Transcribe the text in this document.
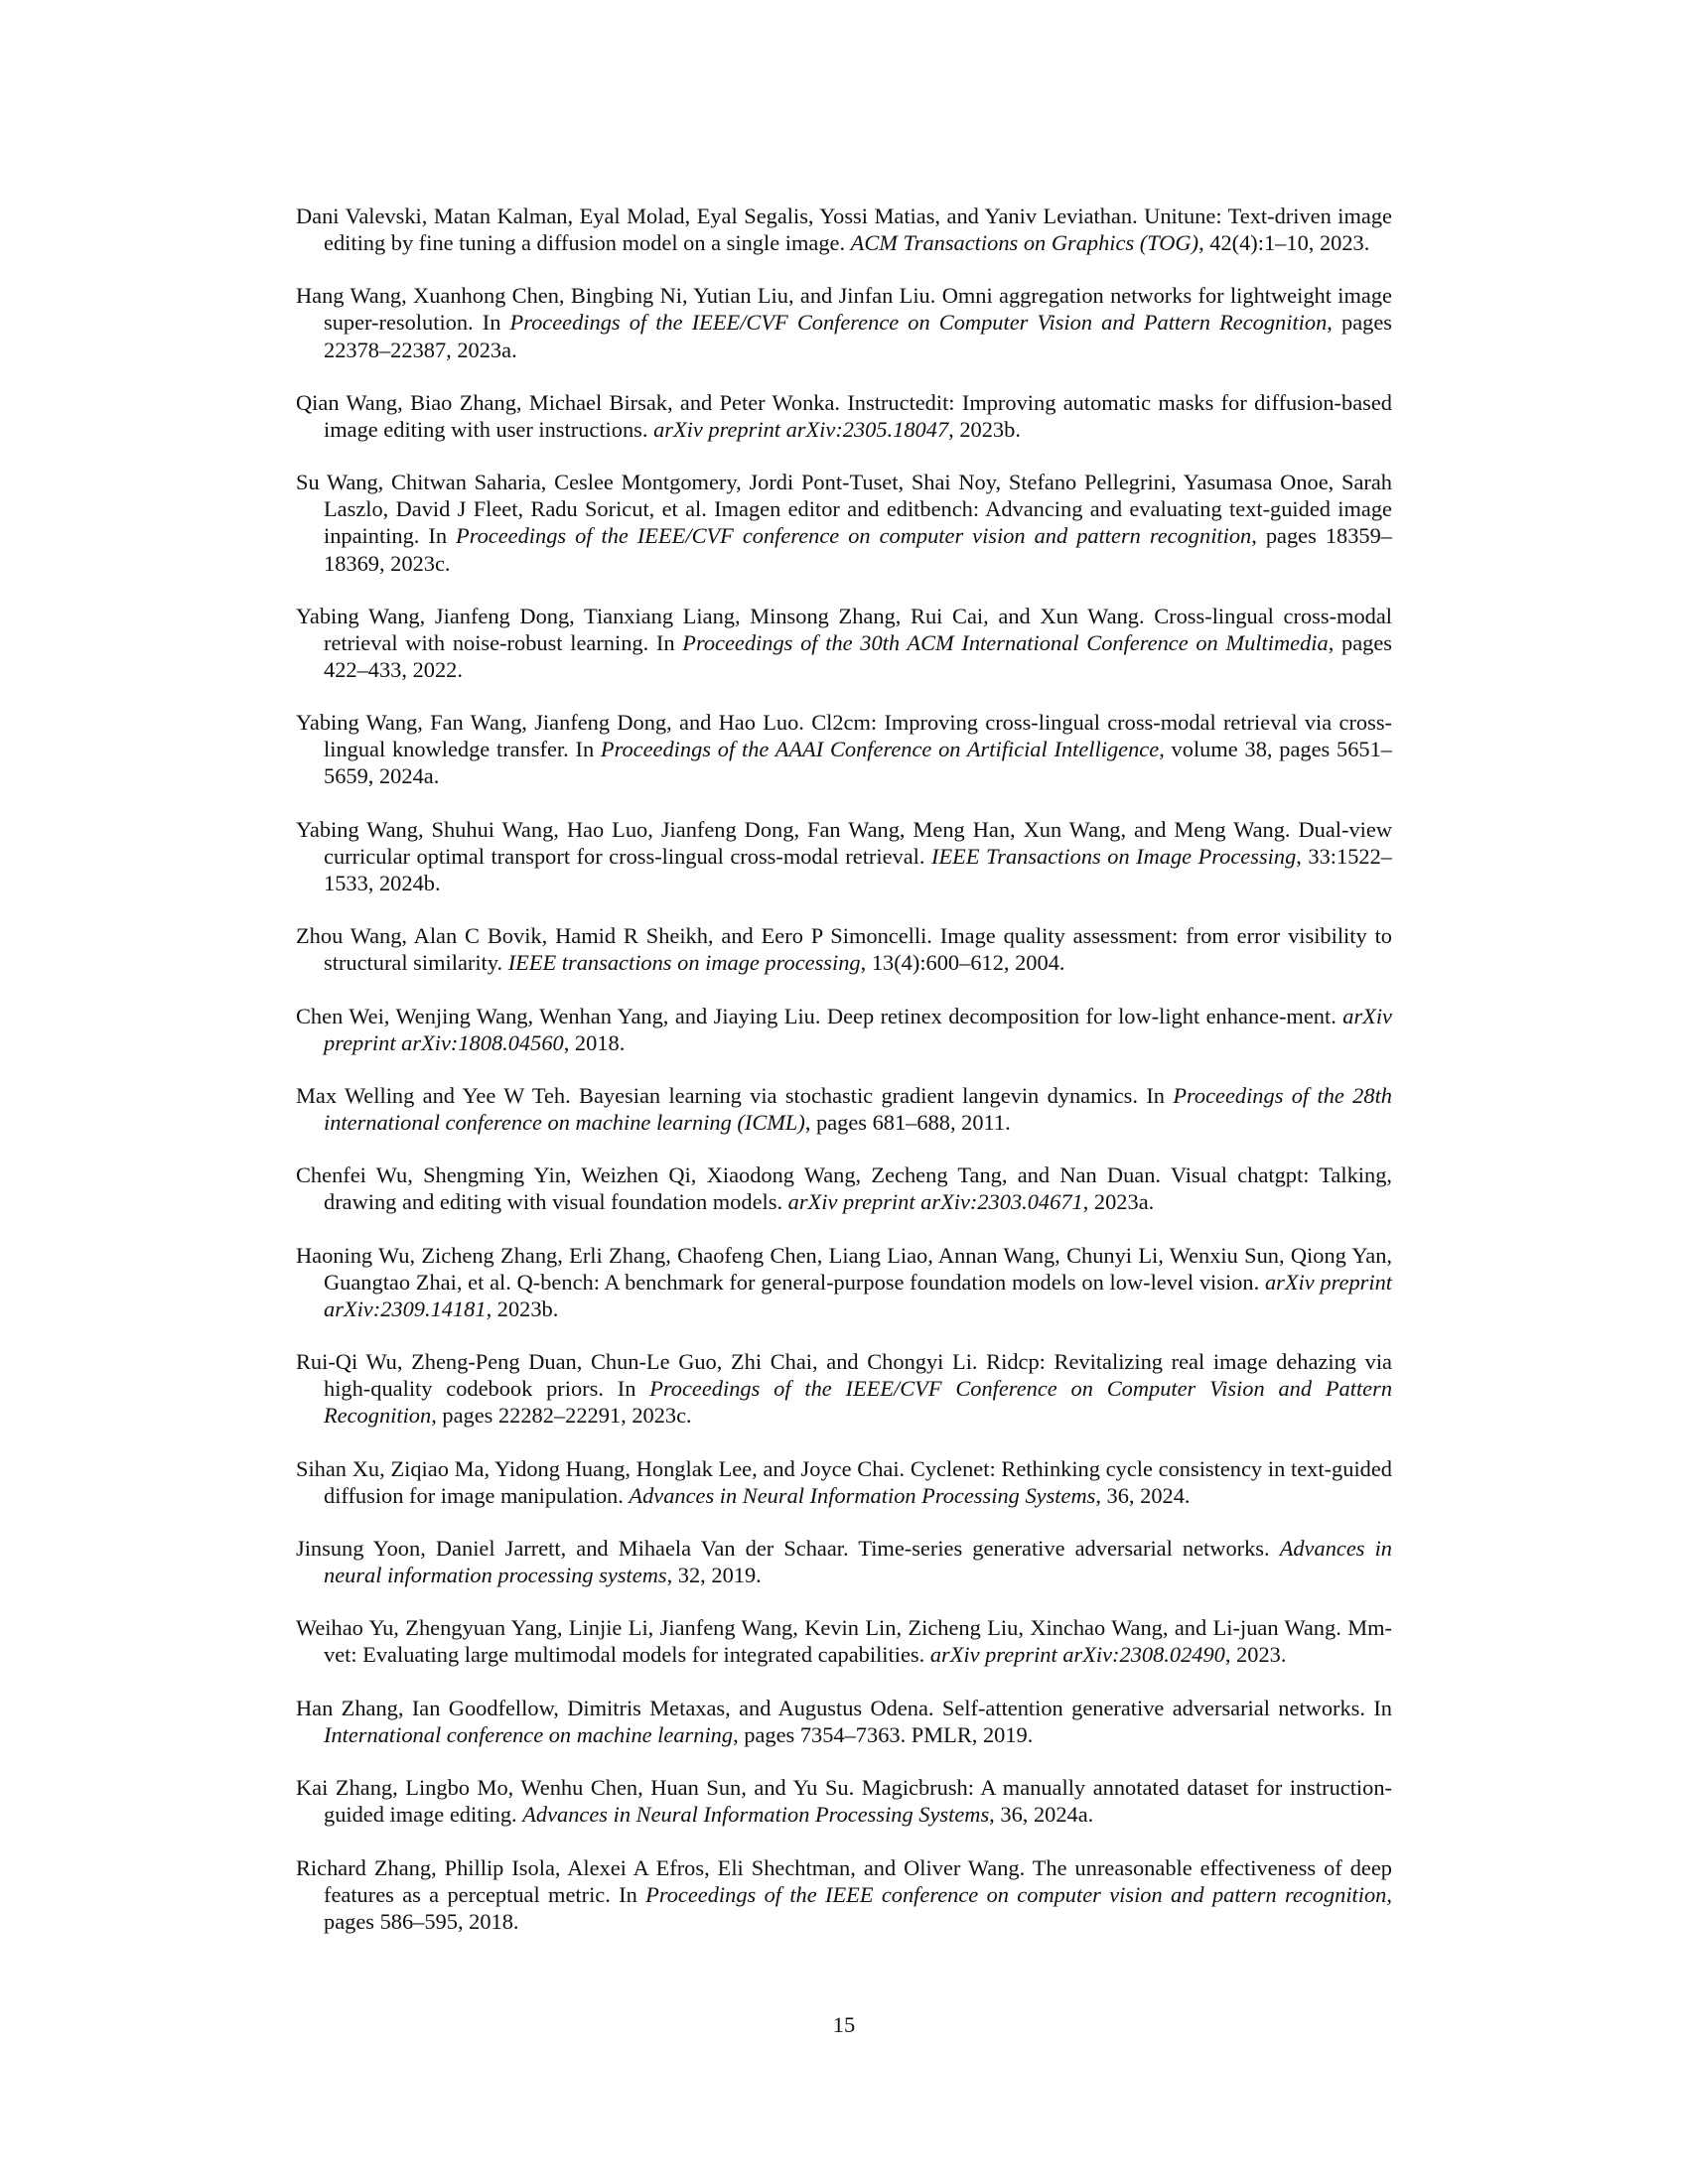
Dani Valevski, Matan Kalman, Eyal Molad, Eyal Segalis, Yossi Matias, and Yaniv Leviathan. Unitune: Text-driven image editing by fine tuning a diffusion model on a single image. ACM Transactions on Graphics (TOG), 42(4):1–10, 2023.

Hang Wang, Xuanhong Chen, Bingbing Ni, Yutian Liu, and Jinfan Liu. Omni aggregation networks for lightweight image super-resolution. In Proceedings of the IEEE/CVF Conference on Computer Vision and Pattern Recognition, pages 22378–22387, 2023a.

Qian Wang, Biao Zhang, Michael Birsak, and Peter Wonka. Instructedit: Improving automatic masks for diffusion-based image editing with user instructions. arXiv preprint arXiv:2305.18047, 2023b.

Su Wang, Chitwan Saharia, Ceslee Montgomery, Jordi Pont-Tuset, Shai Noy, Stefano Pellegrini, Yasumasa Onoe, Sarah Laszlo, David J Fleet, Radu Soricut, et al. Imagen editor and editbench: Advancing and evaluating text-guided image inpainting. In Proceedings of the IEEE/CVF conference on computer vision and pattern recognition, pages 18359–18369, 2023c.

Yabing Wang, Jianfeng Dong, Tianxiang Liang, Minsong Zhang, Rui Cai, and Xun Wang. Cross-lingual cross-modal retrieval with noise-robust learning. In Proceedings of the 30th ACM International Conference on Multimedia, pages 422–433, 2022.

Yabing Wang, Fan Wang, Jianfeng Dong, and Hao Luo. Cl2cm: Improving cross-lingual cross-modal retrieval via cross-lingual knowledge transfer. In Proceedings of the AAAI Conference on Artificial Intelligence, volume 38, pages 5651–5659, 2024a.

Yabing Wang, Shuhui Wang, Hao Luo, Jianfeng Dong, Fan Wang, Meng Han, Xun Wang, and Meng Wang. Dual-view curricular optimal transport for cross-lingual cross-modal retrieval. IEEE Transactions on Image Processing, 33:1522–1533, 2024b.

Zhou Wang, Alan C Bovik, Hamid R Sheikh, and Eero P Simoncelli. Image quality assessment: from error visibility to structural similarity. IEEE transactions on image processing, 13(4):600–612, 2004.

Chen Wei, Wenjing Wang, Wenhan Yang, and Jiaying Liu. Deep retinex decomposition for low-light enhance-ment. arXiv preprint arXiv:1808.04560, 2018.

Max Welling and Yee W Teh. Bayesian learning via stochastic gradient langevin dynamics. In Proceedings of the 28th international conference on machine learning (ICML), pages 681–688, 2011.

Chenfei Wu, Shengming Yin, Weizhen Qi, Xiaodong Wang, Zecheng Tang, and Nan Duan. Visual chatgpt: Talking, drawing and editing with visual foundation models. arXiv preprint arXiv:2303.04671, 2023a.

Haoning Wu, Zicheng Zhang, Erli Zhang, Chaofeng Chen, Liang Liao, Annan Wang, Chunyi Li, Wenxiu Sun, Qiong Yan, Guangtao Zhai, et al. Q-bench: A benchmark for general-purpose foundation models on low-level vision. arXiv preprint arXiv:2309.14181, 2023b.

Rui-Qi Wu, Zheng-Peng Duan, Chun-Le Guo, Zhi Chai, and Chongyi Li. Ridcp: Revitalizing real image dehazing via high-quality codebook priors. In Proceedings of the IEEE/CVF Conference on Computer Vision and Pattern Recognition, pages 22282–22291, 2023c.

Sihan Xu, Ziqiao Ma, Yidong Huang, Honglak Lee, and Joyce Chai. Cyclenet: Rethinking cycle consistency in text-guided diffusion for image manipulation. Advances in Neural Information Processing Systems, 36, 2024.

Jinsung Yoon, Daniel Jarrett, and Mihaela Van der Schaar. Time-series generative adversarial networks. Advances in neural information processing systems, 32, 2019.

Weihao Yu, Zhengyuan Yang, Linjie Li, Jianfeng Wang, Kevin Lin, Zicheng Liu, Xinchao Wang, and Li-juan Wang. Mm-vet: Evaluating large multimodal models for integrated capabilities. arXiv preprint arXiv:2308.02490, 2023.

Han Zhang, Ian Goodfellow, Dimitris Metaxas, and Augustus Odena. Self-attention generative adversarial networks. In International conference on machine learning, pages 7354–7363. PMLR, 2019.

Kai Zhang, Lingbo Mo, Wenhu Chen, Huan Sun, and Yu Su. Magicbrush: A manually annotated dataset for instruction-guided image editing. Advances in Neural Information Processing Systems, 36, 2024a.

Richard Zhang, Phillip Isola, Alexei A Efros, Eli Shechtman, and Oliver Wang. The unreasonable effectiveness of deep features as a perceptual metric. In Proceedings of the IEEE conference on computer vision and pattern recognition, pages 586–595, 2018.

15
